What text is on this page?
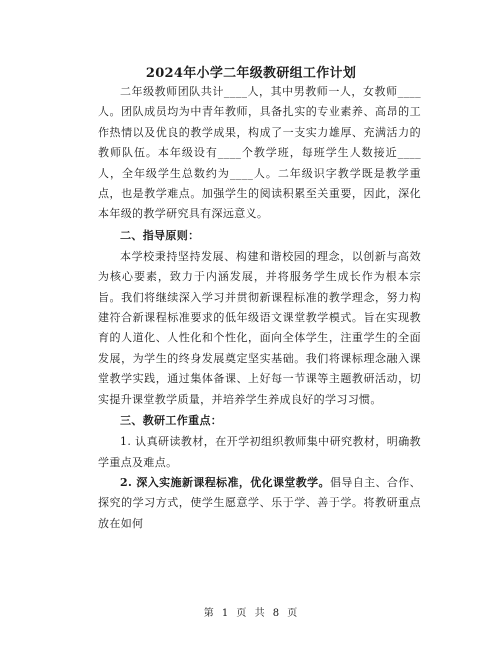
2024年小学二年级教研组工作计划

二年级教师团队共计____人，其中男教师一人，女教师____人。团队成员均为中青年教师，具备扎实的专业素养、高昂的工作热情以及优良的教学成果，构成了一支实力雄厚、充满活力的教师队伍。本年级设有____个教学班，每班学生人数接近____人，全年级学生总数约为____人。二年级识字教学既是教学重点，也是教学难点。加强学生的阅读积累至关重要，因此，深化本年级的教学研究具有深远意义。

二、指导原则：

本学校秉持坚持发展、构建和谐校园的理念，以创新与高效为核心要素，致力于内涵发展，并将服务学生成长作为根本宗旨。我们将继续深入学习并贯彻新课程标准的教学理念，努力构建符合新课程标准要求的低年级语文课堂教学模式。旨在实现教育的人道化、人性化和个性化，面向全体学生，注重学生的全面发展，为学生的终身发展奠定坚实基础。我们将课标理念融入课堂教学实践，通过集体备课、上好每一节课等主题教研活动，切实提升课堂教学质量，并培养学生养成良好的学习习惯。

三、教研工作重点：

1. 认真研读教材，在开学初组织教师集中研究教材，明确教学重点及难点。

2. 深入实施新课程标准，优化课堂教学。倡导自主、合作、探究的学习方式，使学生愿意学、乐于学、善于学。将教研重点放在如何

第 1 页 共 8 页
